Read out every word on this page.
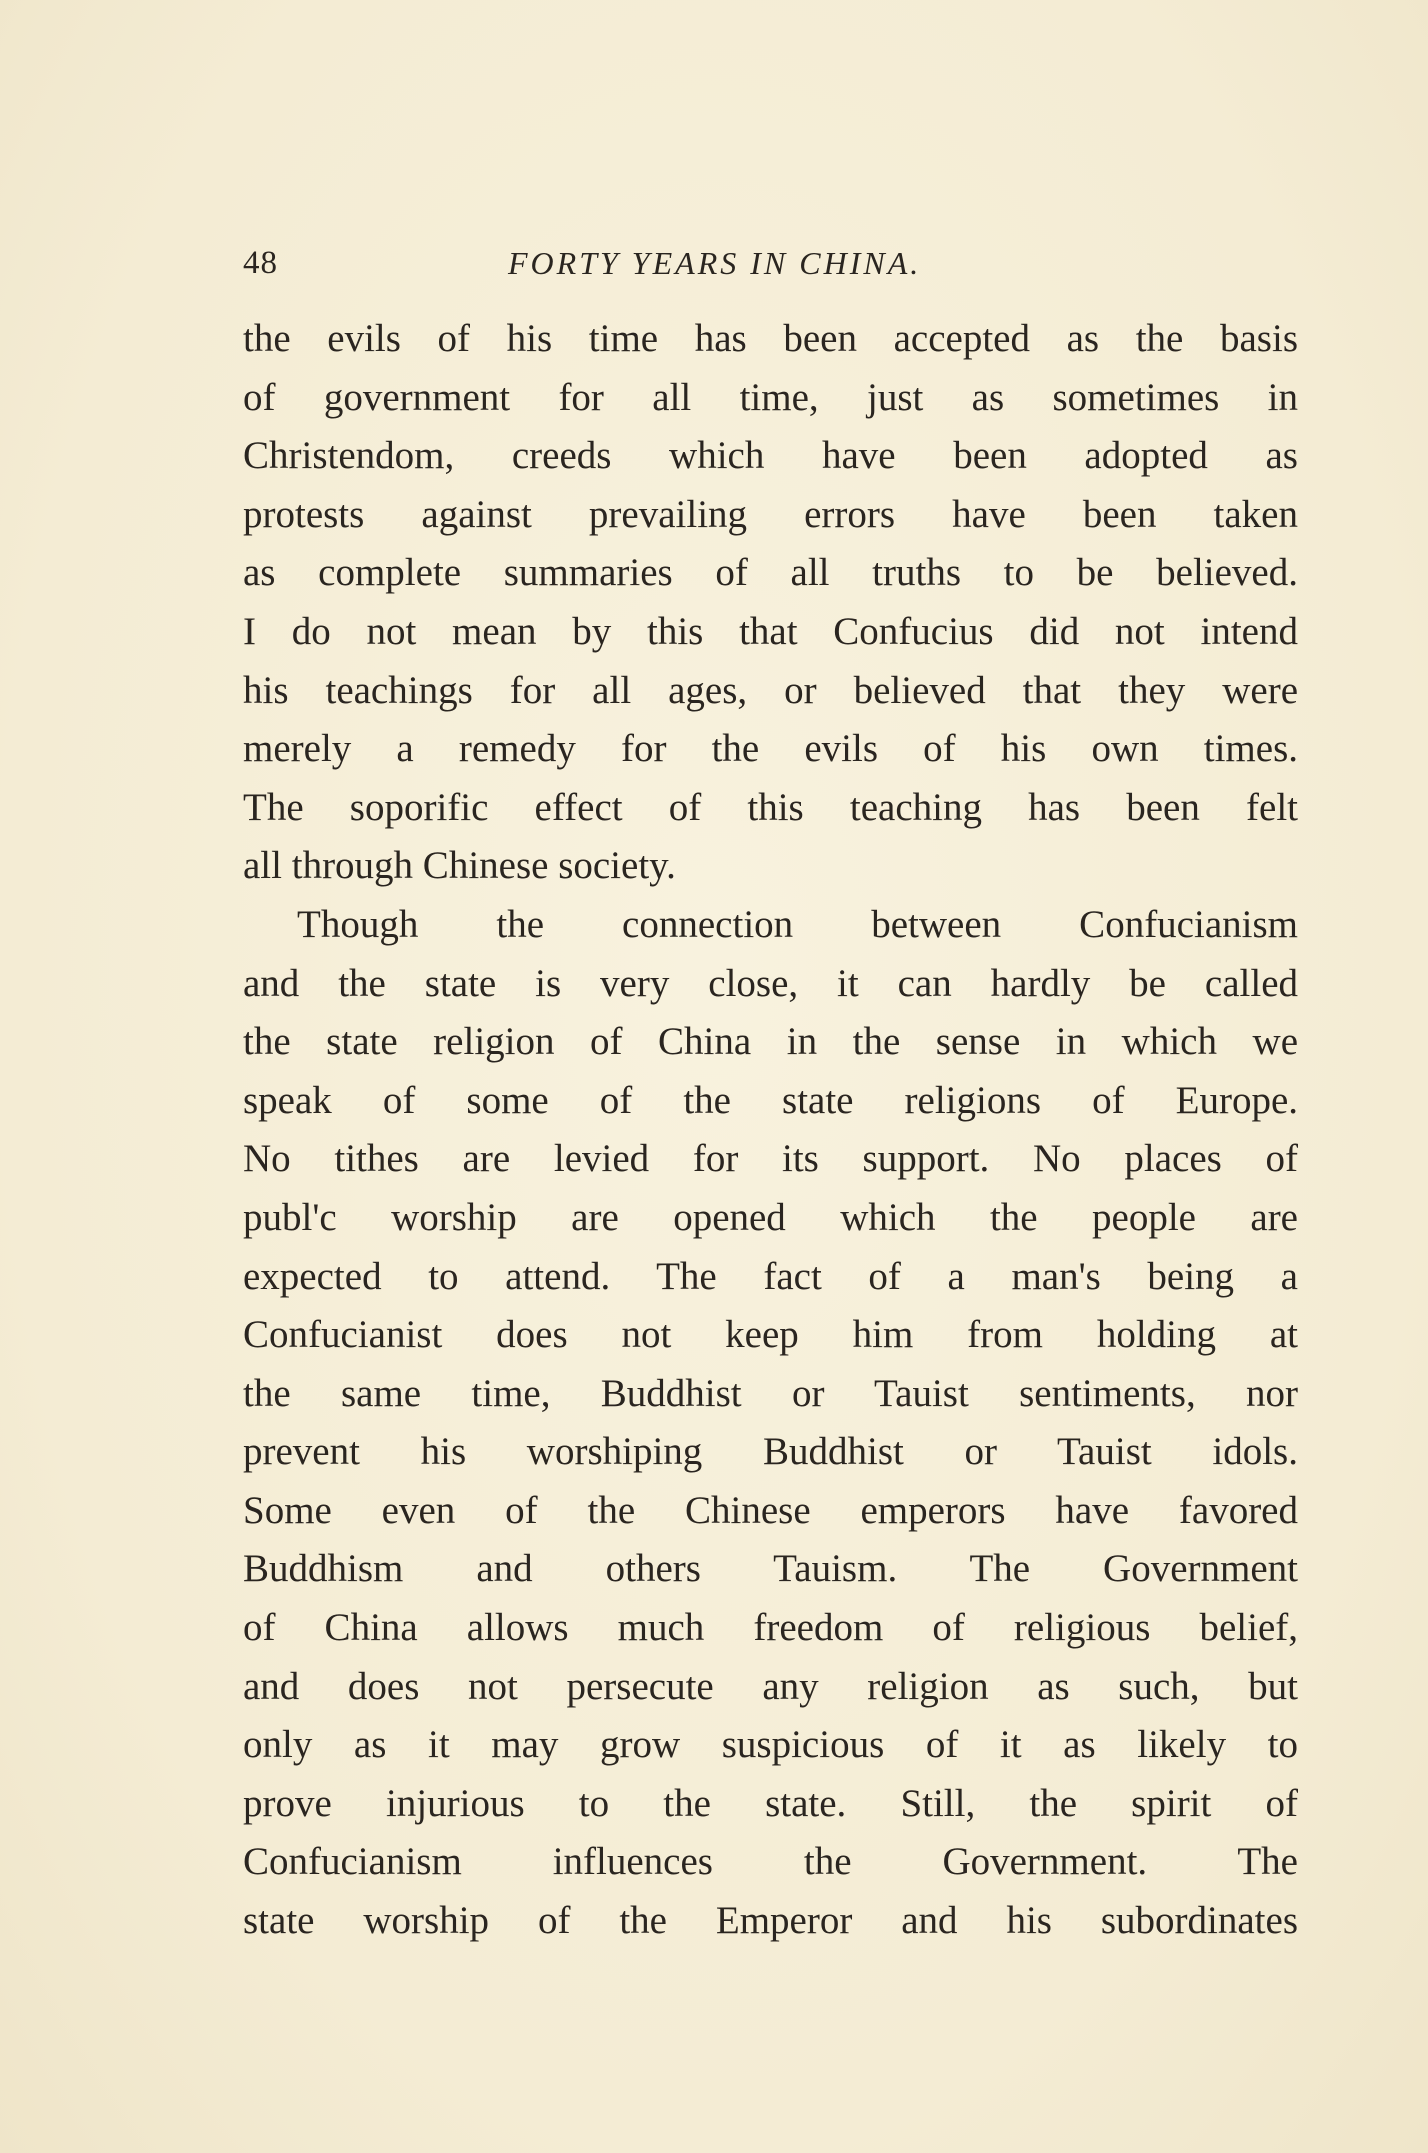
48	FORTY YEARS IN CHINA.
the evils of his time has been accepted as the basis
of government for all time, just as sometimes in
Christendom, creeds which have been adopted as
protests against prevailing errors have been taken
as complete summaries of all truths to be believed.
I do not mean by this that Confucius did not intend
his teachings for all ages, or believed that they were
merely a remedy for the evils of his own times.
The soporific effect of this teaching has been felt
all through Chinese society.
Though the connection between Confucianism
and the state is very close, it can hardly be called
the state religion of China in the sense in which we
speak of some of the state religions of Europe.
No tithes are levied for its support. No places of
publ'c worship are opened which the people are
expected to attend. The fact of a man's being a
Confucianist does not keep him from holding at
the same time, Buddhist or Tauist sentiments, nor
prevent his worshiping Buddhist or Tauist idols.
Some even of the Chinese emperors have favored
Buddhism and others Tauism. The Government
of China allows much freedom of religious belief,
and does not persecute any religion as such, but
only as it may grow suspicious of it as likely to
prove injurious to the state. Still, the spirit of
Confucianism influences the Government. The
state worship of the Emperor and his subordinates
